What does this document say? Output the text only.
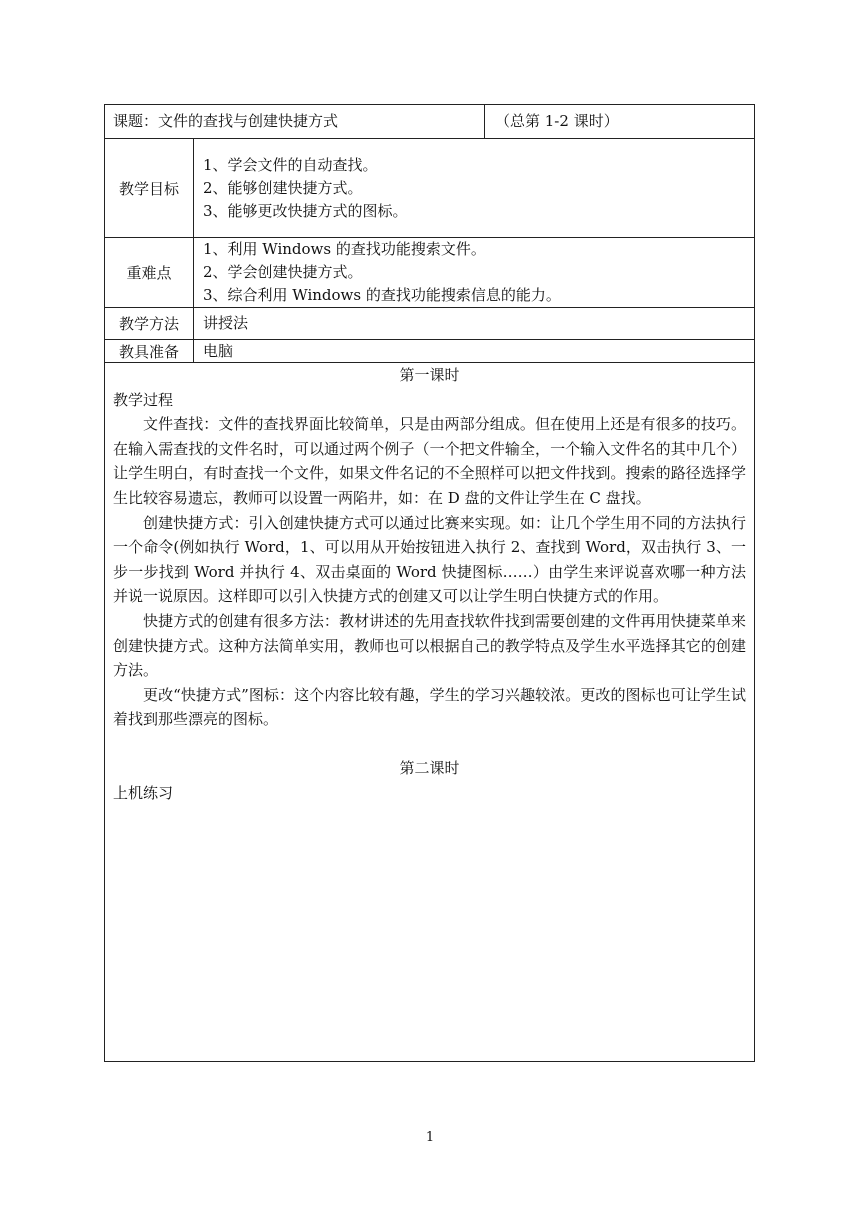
课题：文件的查找与创建快捷方式	（总第 1-2 课时）
教学目标

1、学会文件的自动查找。

2、能够创建快捷方式。

3、能够更改快捷方式的图标。

重难点

1、利用 Windows 的查找功能搜索文件。

2、学会创建快捷方式。

3、综合利用 Windows 的查找功能搜索信息的能力。

教学方法 讲授法
教具准备 电脑

第一课时

教学过程

文件查找：文件的查找界面比较简单，只是由两部分组成。但在使用上还是有很多的技巧。在输入需查找的文件名时，可以通过两个例子（一个把文件输全，一个输入文件名的其中几个）让学生明白，有时查找一个文件，如果文件名记的不全照样可以把文件找到。搜索的路径选择学生比较容易遗忘，教师可以设置一两陷井，如：在 D 盘的文件让学生在 C 盘找。

创建快捷方式：引入创建快捷方式可以通过比赛来实现。如：让几个学生用不同的方法执行一个命令(例如执行 Word，1、可以用从开始按钮进入执行 2、查找到 Word，双击执行 3、一步一步找到 Word 并执行 4、双击桌面的 Word 快捷图标……）由学生来评说喜欢哪一种方法并说一说原因。这样即可以引入快捷方式的创建又可以让学生明白快捷方式的作用。

快捷方式的创建有很多方法：教材讲述的先用查找软件找到需要创建的文件再用快捷菜单来创建快捷方式。这种方法简单实用，教师也可以根据自己的教学特点及学生水平选择其它的创建方法。

更改“快捷方式”图标：这个内容比较有趣，学生的学习兴趣较浓。更改的图标也可让学生试着找到那些漂亮的图标。

第二课时

上机练习

1
